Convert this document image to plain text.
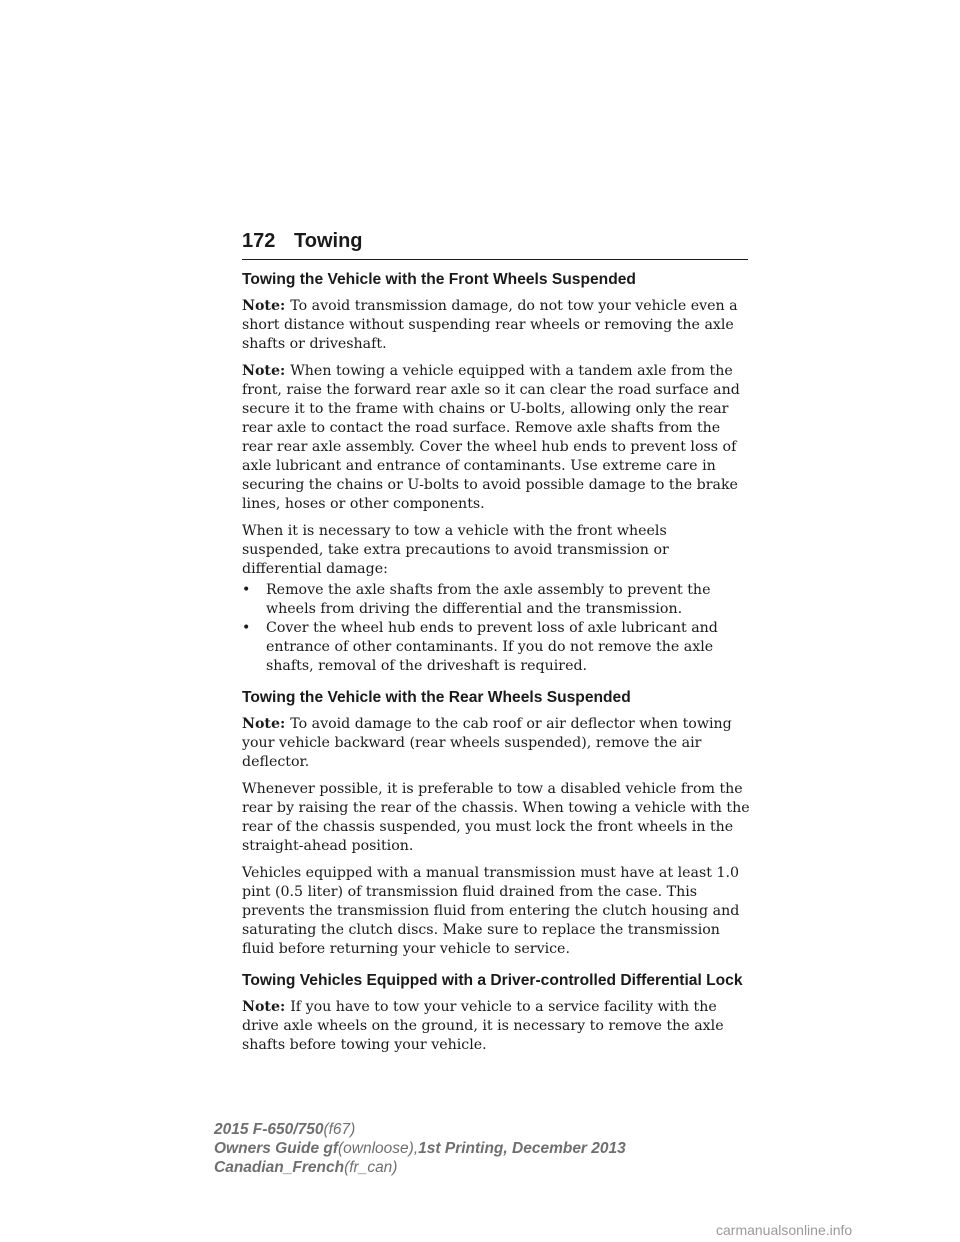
172 Towing
Towing the Vehicle with the Front Wheels Suspended

Note: To avoid transmission damage, do not tow your vehicle even a short distance without suspending rear wheels or removing the axle shafts or driveshaft.

Note: When towing a vehicle equipped with a tandem axle from the front, raise the forward rear axle so it can clear the road surface and secure it to the frame with chains or U-bolts, allowing only the rear rear axle to contact the road surface. Remove axle shafts from the rear rear axle assembly. Cover the wheel hub ends to prevent loss of axle lubricant and entrance of contaminants. Use extreme care in securing the chains or U-bolts to avoid possible damage to the brake lines, hoses or other components.

When it is necessary to tow a vehicle with the front wheels suspended, take extra precautions to avoid transmission or differential damage:

•	Remove the axle shafts from the axle assembly to prevent the wheels from driving the differential and the transmission.
•	Cover the wheel hub ends to prevent loss of axle lubricant and entrance of other contaminants. If you do not remove the axle shafts, removal of the driveshaft is required.
Towing the Vehicle with the Rear Wheels Suspended

Note: To avoid damage to the cab roof or air deflector when towing your vehicle backward (rear wheels suspended), remove the air deflector.

Whenever possible, it is preferable to tow a disabled vehicle from the rear by raising the rear of the chassis. When towing a vehicle with the rear of the chassis suspended, you must lock the front wheels in the straight-ahead position.

Vehicles equipped with a manual transmission must have at least 1.0 pint (0.5 liter) of transmission fluid drained from the case. This prevents the transmission fluid from entering the clutch housing and saturating the clutch discs. Make sure to replace the transmission fluid before returning your vehicle to service.

Towing Vehicles Equipped with a Driver-controlled Differential Lock

Note: If you have to tow your vehicle to a service facility with the drive axle wheels on the ground, it is necessary to remove the axle shafts before towing your vehicle.

2015 F-650/750(f67)
Owners Guide gf(ownloose),1st Printing, December 2013
Canadian_French(fr_can)
carmanualsonline.info
